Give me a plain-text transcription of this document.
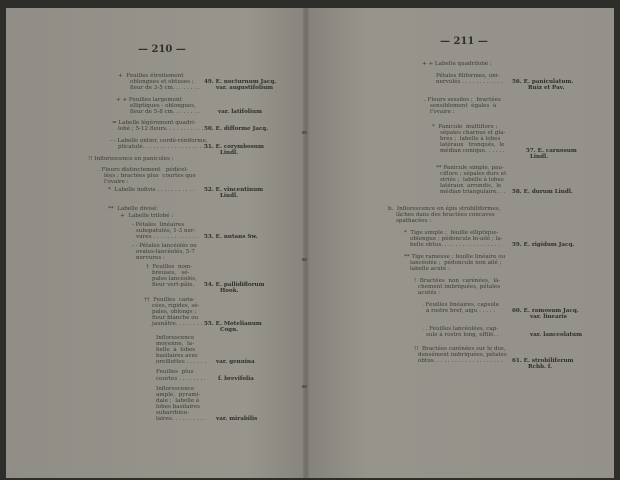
— 210 —
— 211 —
+  Feuilles étroitement
oblongues et obtuses ;
fleur de 3-5 cm. . . . . . . .
+ + Feuilles largement
elliptiques - oblongues,
fleur de 5-8 cm. . . . . . . .
= Labelle légèrement quadri-
lobé ; 5-12 fleurs. . . . . . . . . . .
- - Labelle entier, cordé-réniforme,
plicatulé. . . . . . . . . . . . . . . . . . . .
!! Inflorescence en panicules :
. Fleurs distinctement   pédicel-
lées ; bractées plus  courtes que
l'ovaire :
*  Labelle indivis . . . . . . . . . . .
**  Labelle divisé:
+  Labelle trilobé :
- Pétales  linéaires
subspatulés, 1-3 ner-
vures . . . . . . . . . . . . .
- - Pétales lancéolés ou
ovales-lancéolés, 5-7
nervures :
†  Feuilles  nom-
breuses,   sé-
pales lancéolés,
fleur vert-pâle.
††  Feuilles  caria-
cées, rigides, sé-
pales, oblongs ;
fleur blanche ou
jaunâtre. . . . . . . . .
Inflorescence
moyenne,  la-
belle  à  lobes
basilaires avec
oreillettes . . . . . .
Feuilles  plus
courtes . . . . . . . .
Inflorescence
ample,  pyrami-
dale ;  labelle à
lobes basilaires
subarrbiou-
laires. . . . . . . . . .
49. E. nocturnum Jacq.
var. augustifolium
var. latifolium
50. E. difforme Jacq.
51. E. corymbosum
Lindl.
52. E. vincentinum
Lindl.
53. E. nutans Sw.
54. E. pallidiflorum
Hook.
55. E. Motelianum
Cogn.
var. genuina
f. brevifolia
var. mirabilis
+ + Labelle quadrilobé :
Pétales filiformes, uni-
nervulés . . . . . . . . . . . .
. Fleurs sessiles ;  bractées
sensiblement  égales  à
l'ovaire :
*  Panicule  multiflore ;
sépales charnus et gla-
bres ;  labelle à lobes
latéraux   tronqués,  le
médian conique. . . . . .
** Panicule simple, pau-
ciflore ; sépales durs et
striés ;  labelle à lobes
latéraux  arrondis,  le
médian triangulaire. . .
b.  Inflorescence en épis strobiliformes,
lâches dans des bractées concaves
spathacées :
*  Tige simple ;  feuille elliptique-
oblongue ; pédoncule bi-ailé ; la-
belle obtus. . . . . . . . . . . . . . . . .
** Tige rameuse ; feuille linéaire ou
lancéolée ;  pédoncule non ailé ;
labelle acuté :
!  Bractées  non  carénées,  là-
chement imbriquées, pétales
acutés :
. Feuilles linéaires, capsule
à rostre bref, aigu . . . . .
. . Feuilles lancéolées, cap-
sule à rostre long, effilé. .
!!  Bractées carénées sur le dos,
densément imbriquées, pétales
obtus. . . . . . . . . . . . . . . . . . . .
56. E. paniculatum.
Ruiz et Pav.
57. E. carnosum
Lindl.
58. E. durum Lindl.
59. E. rigidum Jacq.
60. E. ramosum Jacq.
var. linearis
var. lanceolatum
61. E. strobiliferum
Rchb. f.
